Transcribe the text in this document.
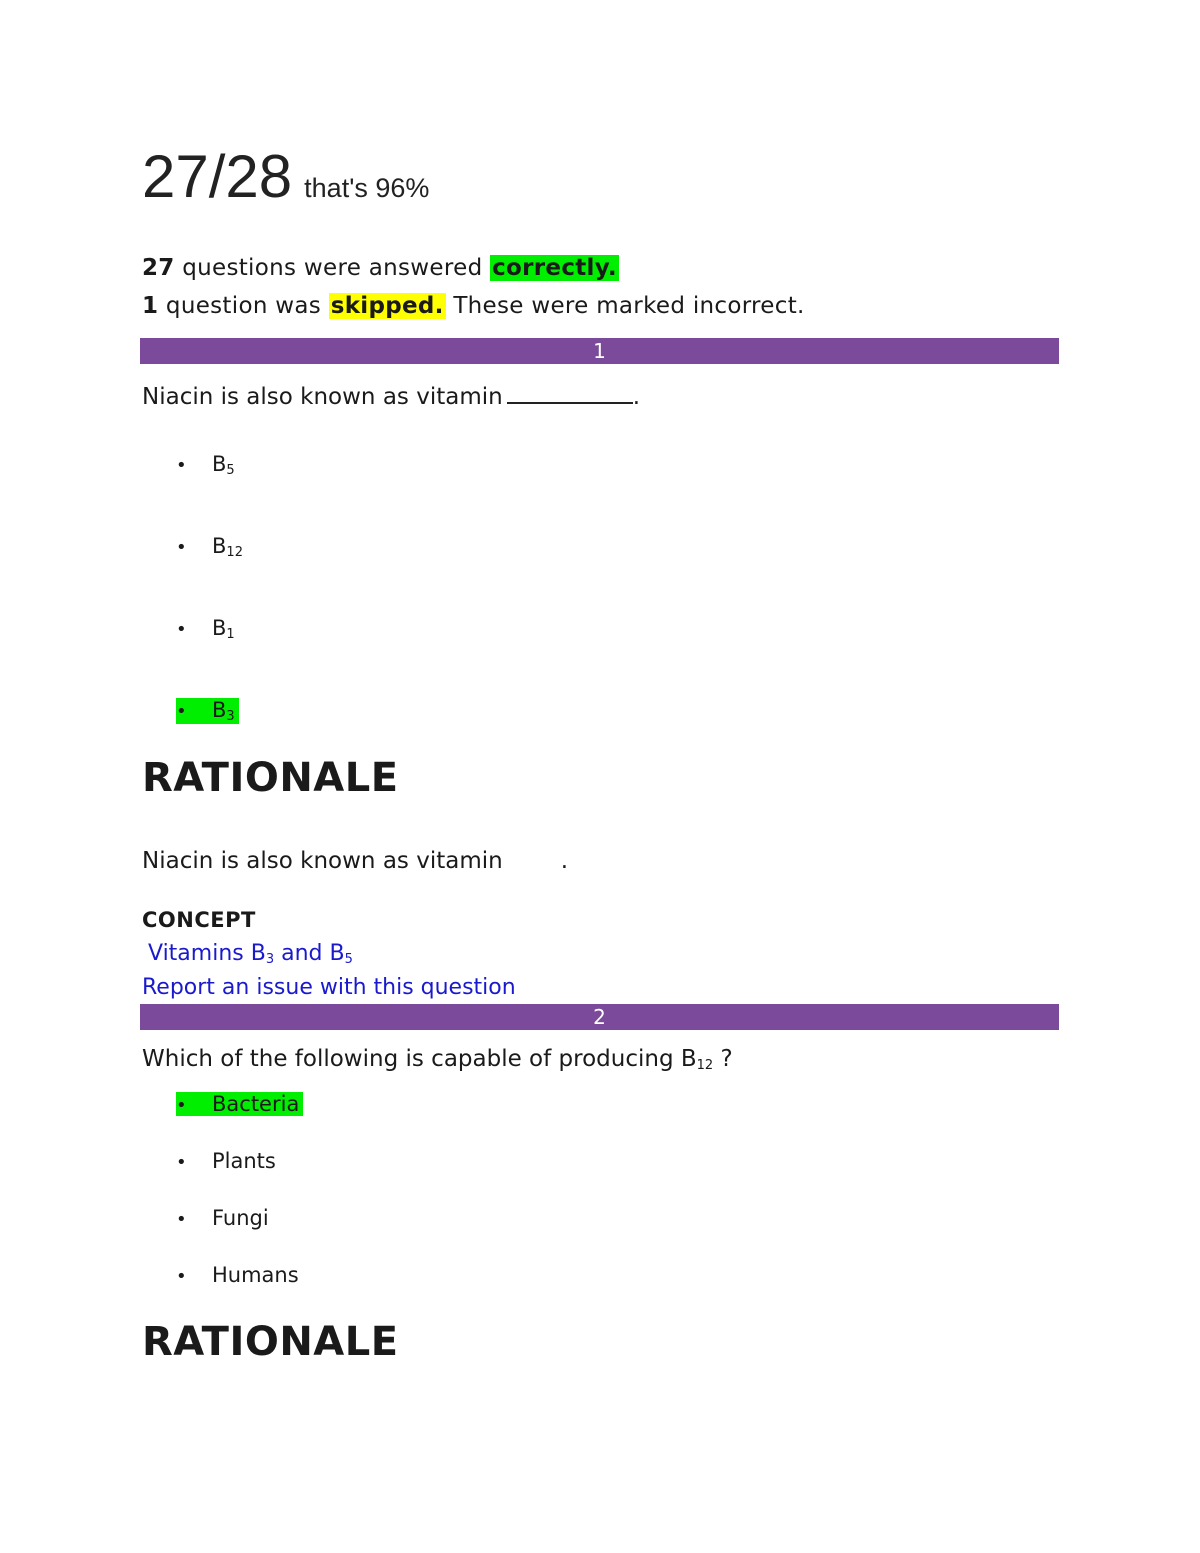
27/28 that's 96%
27 questions were answered correctly.
1 question was skipped. These were marked incorrect.
1
Niacin is also known as vitamin	.
• $B_5$
• $B_{12}$
• $B_1$
• $B_3$
RATIONALE
Niacin is also known as vitamin	.
CONCEPT
Vitamins $B_3$ and $B_5$
Report an issue with this question
2
Which of the following is capable of producing $B_{12}$ ?
• Bacteria
• Plants
• Fungi
• Humans
RATIONALE
